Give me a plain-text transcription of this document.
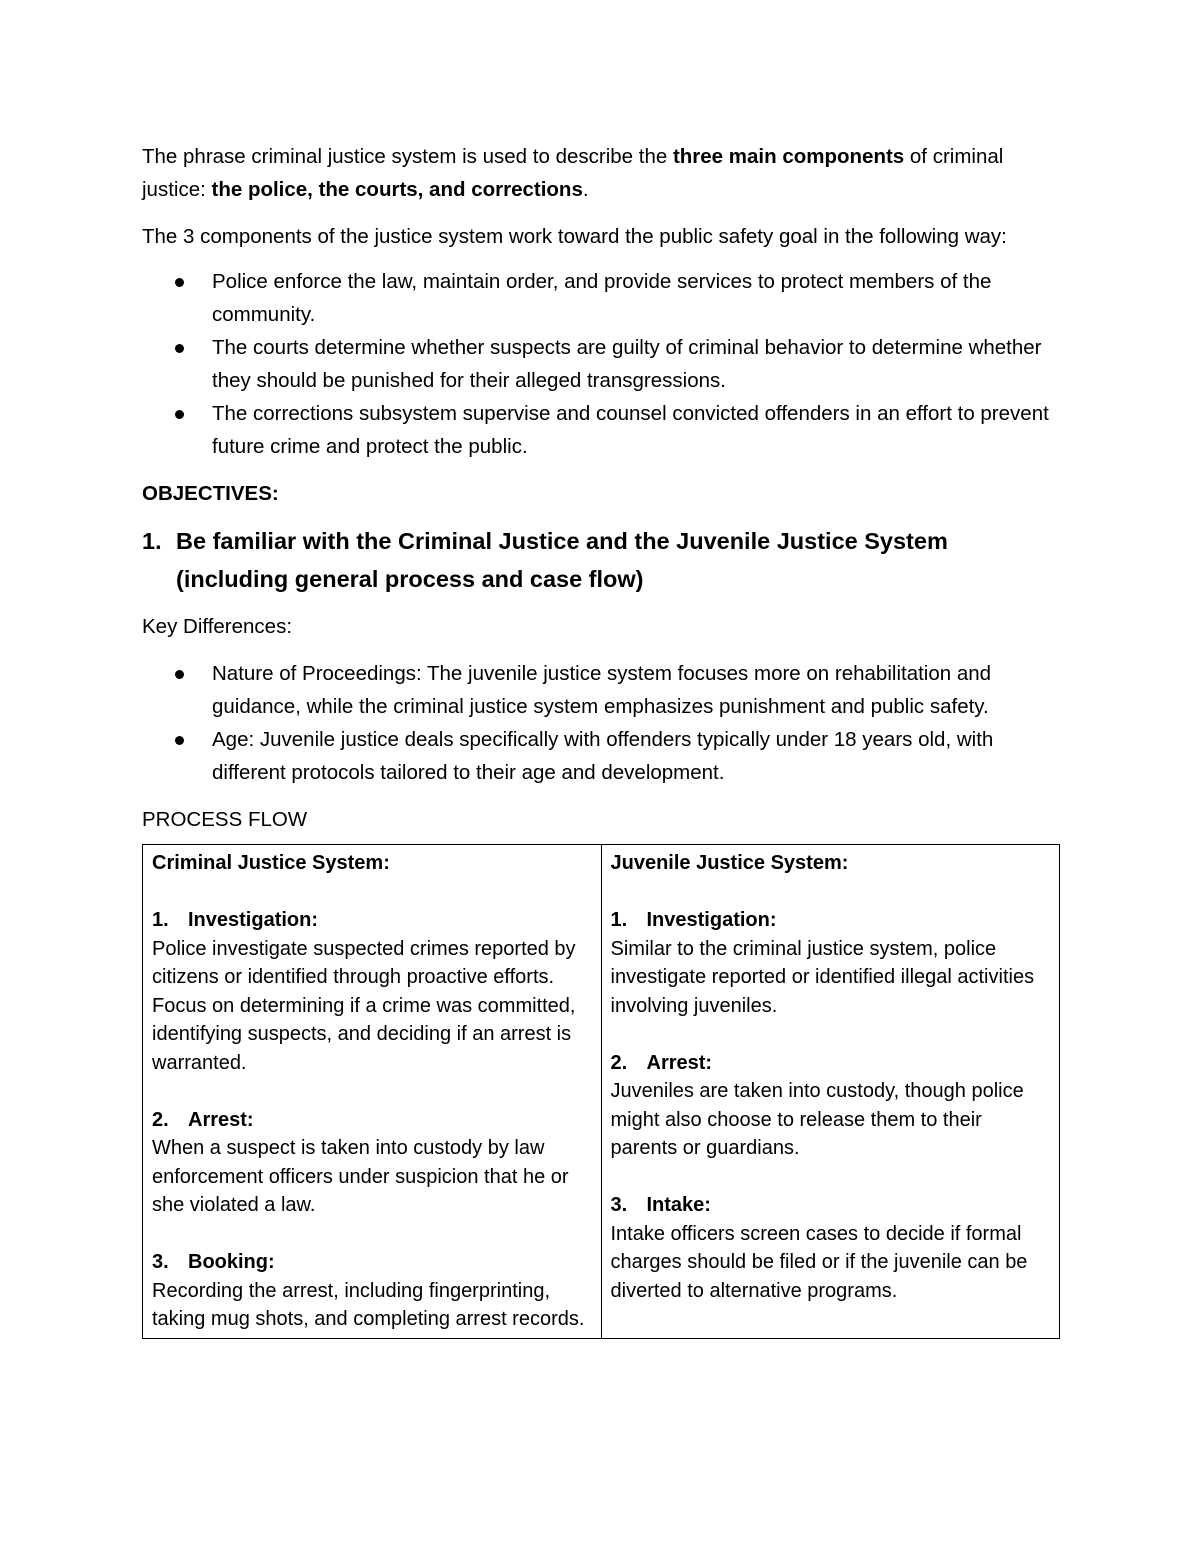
The phrase criminal justice system is used to describe the three main components of criminal justice: the police, the courts, and corrections.

The 3 components of the justice system work toward the public safety goal in the following way:

Police enforce the law, maintain order, and provide services to protect members of the community.
The courts determine whether suspects are guilty of criminal behavior to determine whether they should be punished for their alleged transgressions.
The corrections subsystem supervise and counsel convicted offenders in an effort to prevent future crime and protect the public.
OBJECTIVES:
1. Be familiar with the Criminal Justice and the Juvenile Justice System (including general process and case flow)

Key Differences:

Nature of Proceedings: The juvenile justice system focuses more on rehabilitation and guidance, while the criminal justice system emphasizes punishment and public safety.
Age: Juvenile justice deals specifically with offenders typically under 18 years old, with different protocols tailored to their age and development.

PROCESS FLOW

Criminal Justice System:
1. Investigation:
Police investigate suspected crimes reported by citizens or identified through proactive efforts. Focus on determining if a crime was committed, identifying suspects, and deciding if an arrest is warranted.
2. Arrest:
When a suspect is taken into custody by law enforcement officers under suspicion that he or she violated a law.
3. Booking:
Recording the arrest, including fingerprinting, taking mug shots, and completing arrest records.

Juvenile Justice System:
1. Investigation:
Similar to the criminal justice system, police investigate reported or identified illegal activities involving juveniles.
2. Arrest:
Juveniles are taken into custody, though police might also choose to release them to their parents or guardians.
3. Intake:
Intake officers screen cases to decide if formal charges should be filed or if the juvenile can be diverted to alternative programs.
